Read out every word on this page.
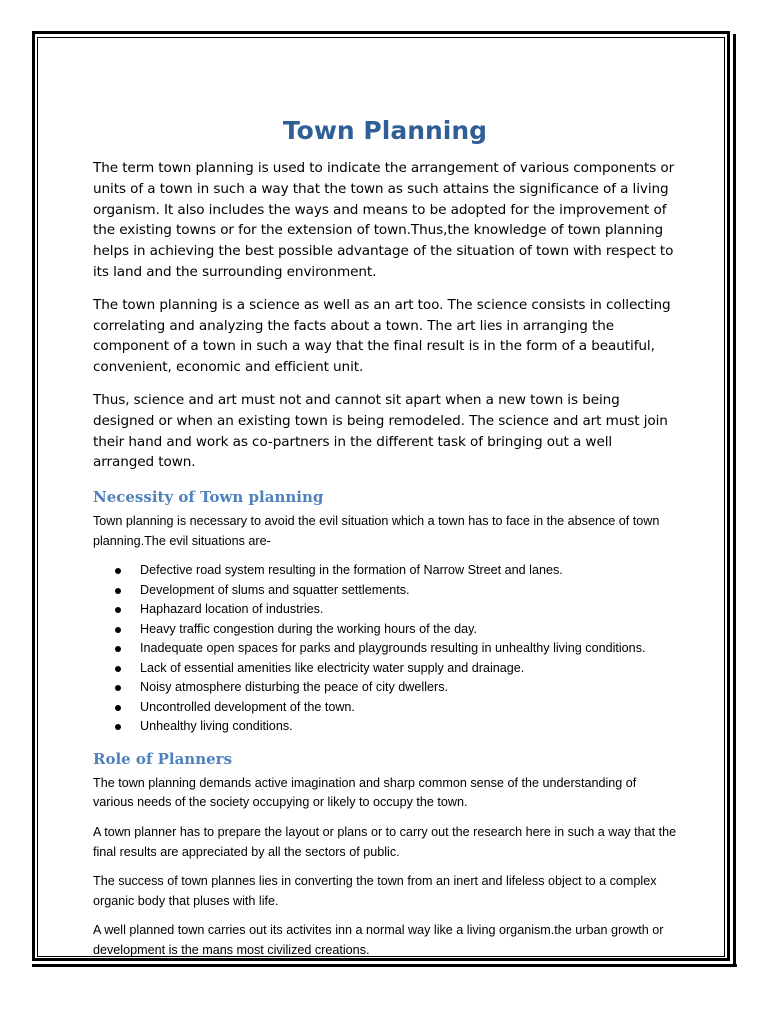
Town Planning

The term town planning is used to indicate the arrangement of various components or units of a town in such a way that the town as such attains the significance of a living organism. It also includes the ways and means to be adopted for the improvement of the existing towns or for the extension of town.Thus,the knowledge of town planning helps in achieving the best possible advantage of the situation of town with respect to its land and the surrounding environment.

The town planning is a science as well as an art too. The science consists in collecting correlating and analyzing the facts about a town. The art lies in arranging the component of a town in such a way that the final result is in the form of a beautiful, convenient, economic and efficient unit.

Thus, science and art must not and cannot sit apart when a new town is being designed or when an existing town is being remodeled. The science and art must join their hand and work as co-partners in the different task of bringing out a well arranged town.

Necessity of Town planning

Town planning is necessary to avoid the evil situation which a town has to face in the absence of town planning.The evil situations are-

Defective road system resulting in the formation of Narrow Street and lanes.
Development of slums and squatter settlements.
Haphazard location of industries.
Heavy traffic congestion during the working hours of the day.
Inadequate open spaces for parks and playgrounds resulting in unhealthy living conditions.
Lack of essential amenities like electricity water supply and drainage.
Noisy atmosphere disturbing the peace of city dwellers.
Uncontrolled development of the town.
Unhealthy living conditions.
Role of Planners

The town planning demands active imagination and sharp common sense of the understanding of various needs of the society occupying or likely to occupy the town.

A town planner has to prepare the layout or plans or to carry out the research here in such a way that the final results are appreciated by all the sectors of public.

The success of town plannes lies in converting the town from an inert and lifeless object to a complex organic body that pluses with life.

A well planned town carries out its activites inn a normal way like a living organism.the urban growth or development is the mans most civilized creations.
